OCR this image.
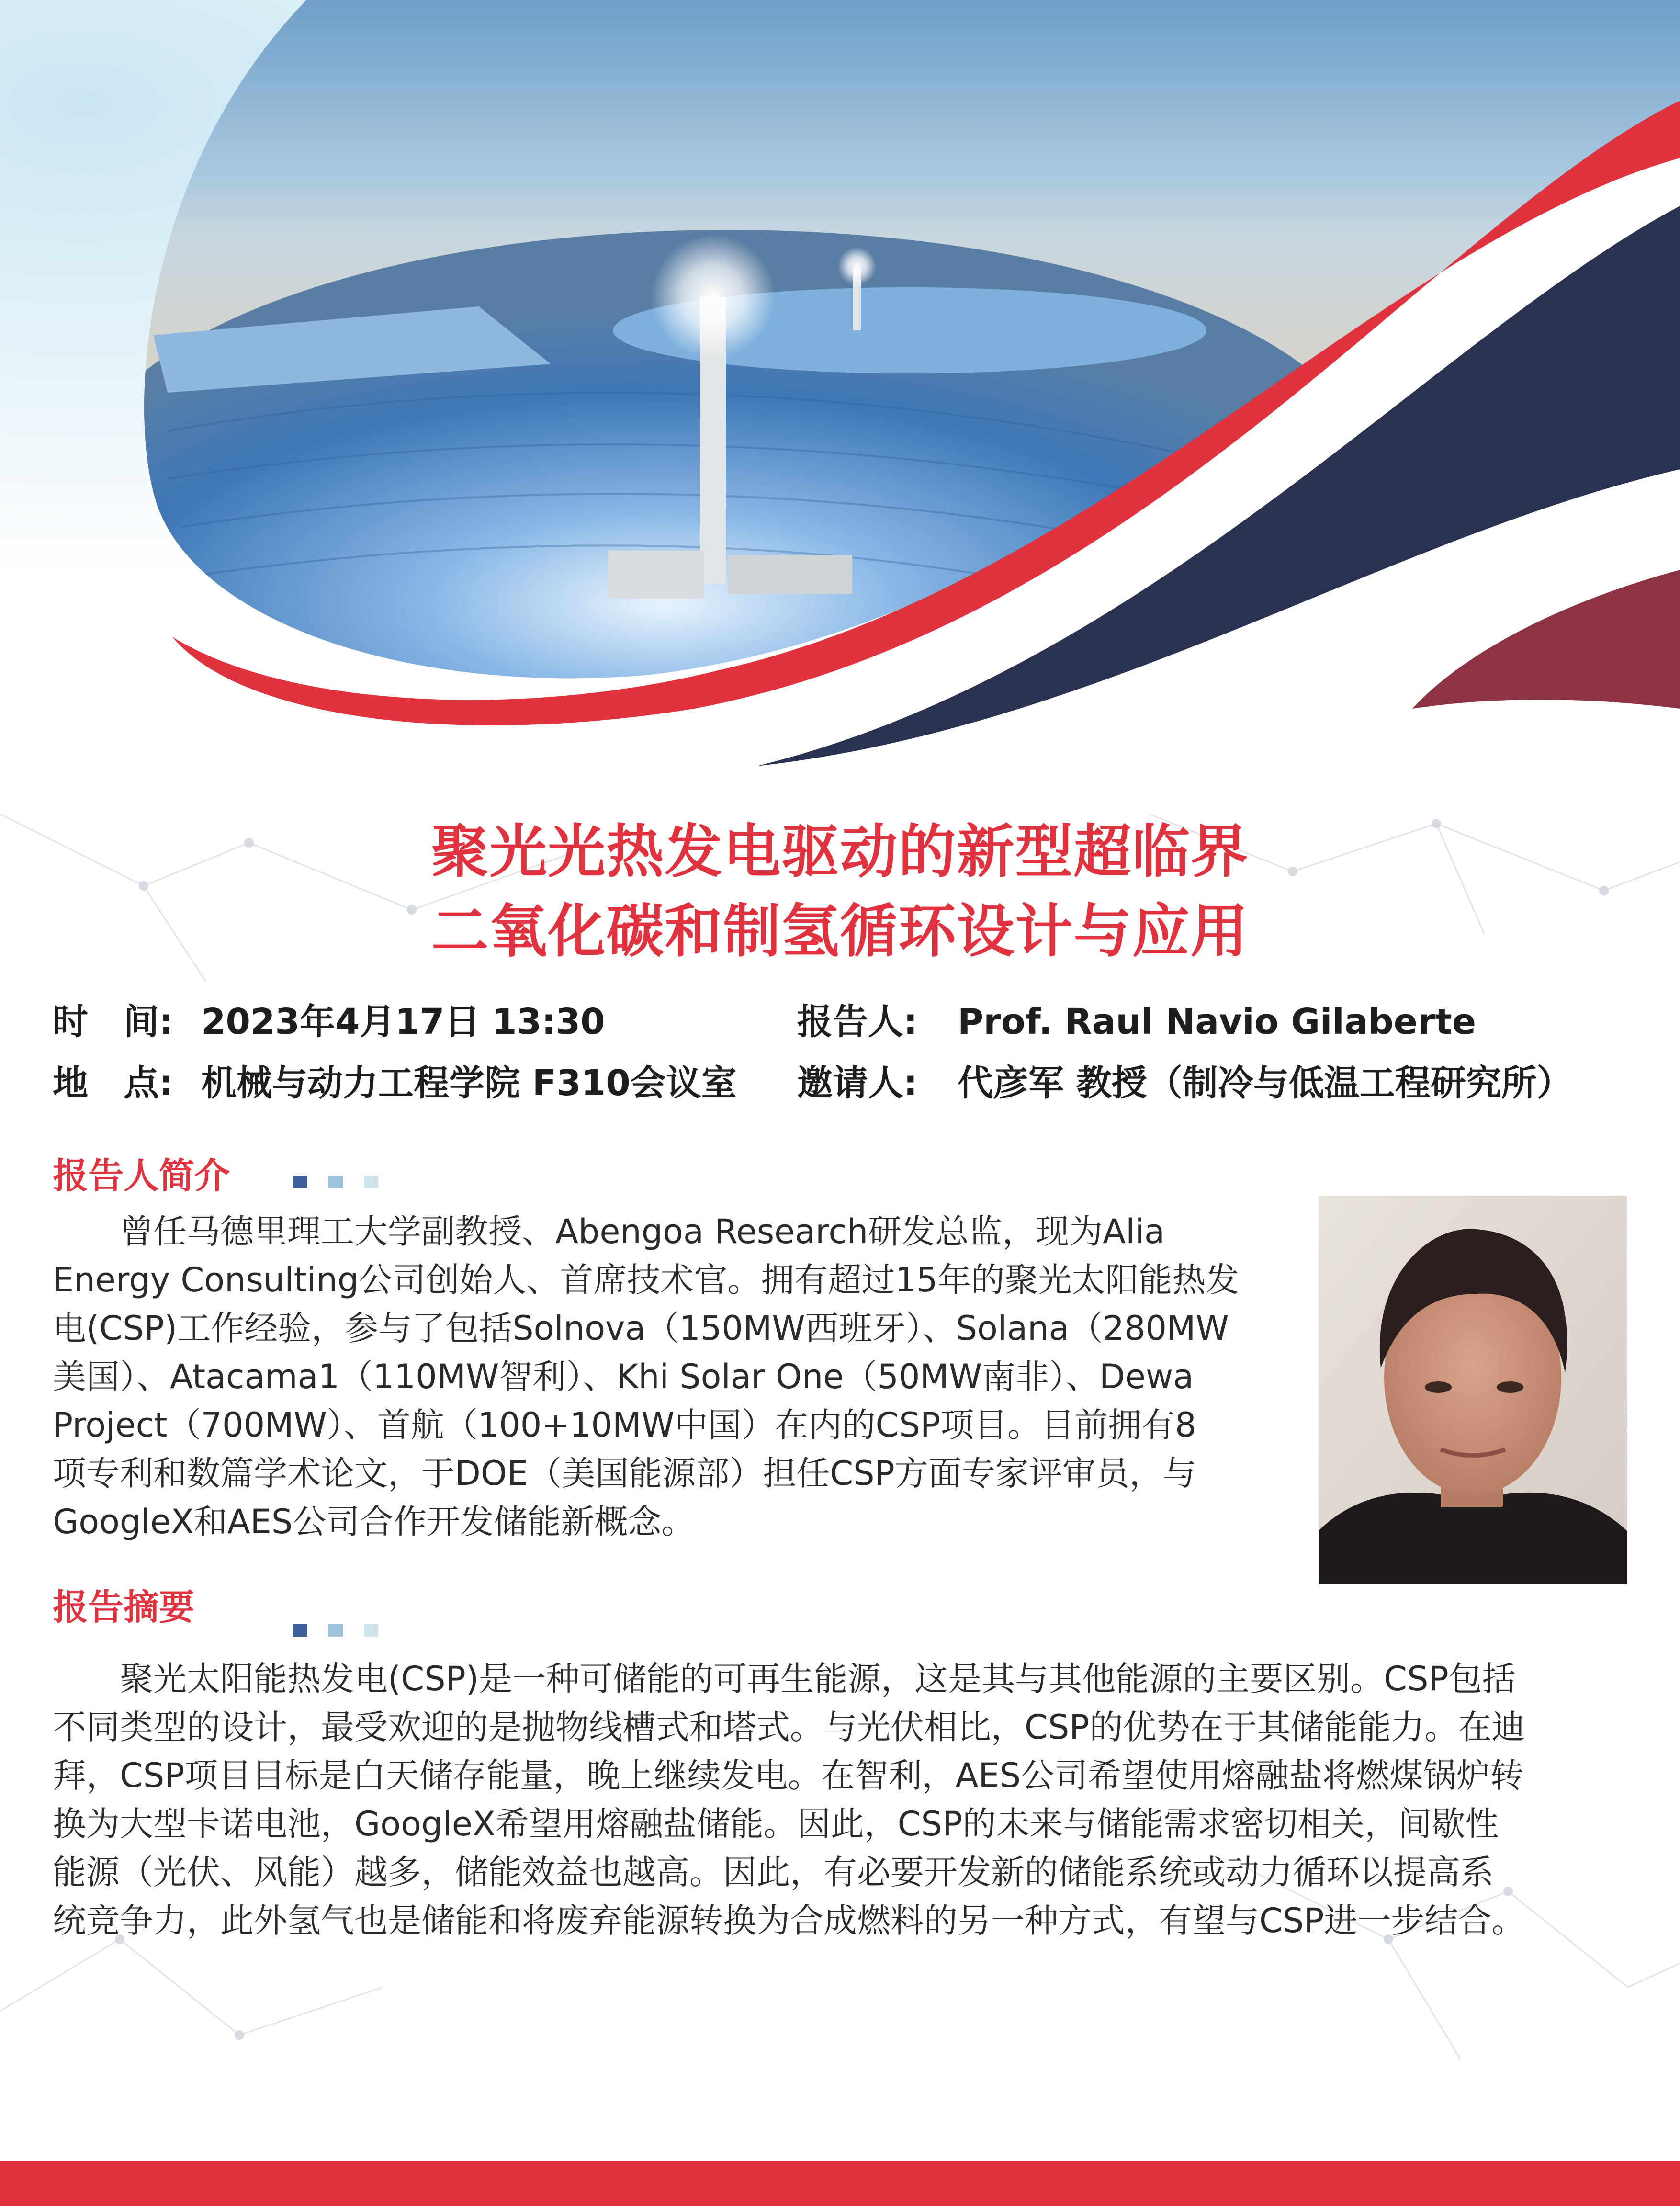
聚光光热发电驱动的新型超临界
二氧化碳和制氢循环设计与应用
时　间: 2023年4月17日 13:30
地　点: 机械与动力工程学院 F310会议室
报告人: Prof. Raul Navio Gilaberte
邀请人: 代彦军 教授（制冷与低温工程研究所）
报告人简介
　　曾任马德里理工大学副教授、Abengoa Research研发总监，现为Alia
Energy Consulting公司创始人、首席技术官。拥有超过15年的聚光太阳能热发
电(CSP)工作经验，参与了包括Solnova（150MW西班牙）、Solana（280MW
美国）、Atacama1（110MW智利）、Khi Solar One（50MW南非）、Dewa
Project（700MW）、首航（100+10MW中国）在内的CSP项目。目前拥有8
项专利和数篇学术论文，于DOE（美国能源部）担任CSP方面专家评审员，与
GoogleX和AES公司合作开发储能新概念。
报告摘要
　　聚光太阳能热发电(CSP)是一种可储能的可再生能源，这是其与其他能源的主要区别。CSP包括
不同类型的设计，最受欢迎的是抛物线槽式和塔式。与光伏相比，CSP的优势在于其储能能力。在迪
拜，CSP项目目标是白天储存能量，晚上继续发电。在智利，AES公司希望使用熔融盐将燃煤锅炉转
换为大型卡诺电池，GoogleX希望用熔融盐储能。因此，CSP的未来与储能需求密切相关，间歇性
能源（光伏、风能）越多，储能效益也越高。因此，有必要开发新的储能系统或动力循环以提高系
统竞争力，此外氢气也是储能和将废弃能源转换为合成燃料的另一种方式，有望与CSP进一步结合。
